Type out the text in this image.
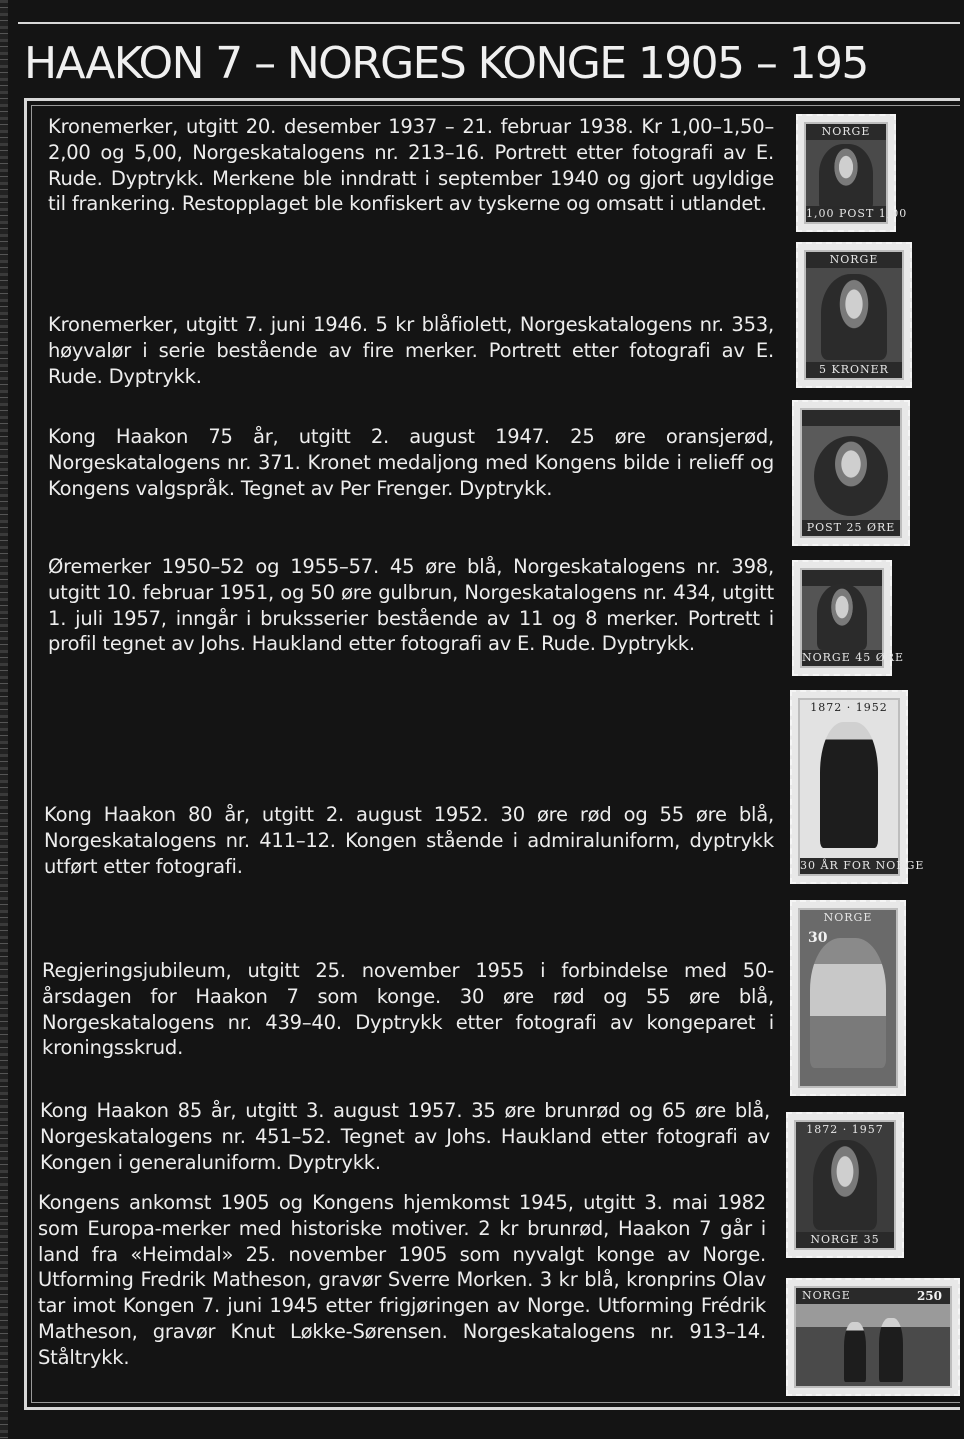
HAAKON 7 – NORGES KONGE 1905 – 195
Kronemerker, utgitt 20. desember 1937 – 21. februar 1938. Kr 1,00–1,50–2,00 og 5,00, Norgeskatalogens nr. 213–16. Portrett etter fotografi av E. Rude. Dyptrykk. Merkene ble inndratt i september 1940 og gjort ugyldige til frankering. Restopplaget ble konfiskert av tyskerne og omsatt i utlandet.
Kronemerker, utgitt 7. juni 1946. 5 kr blåfiolett, Norgeskatalogens nr. 353, høyvalør i serie bestående av fire merker. Portrett etter fotografi av E. Rude. Dyptrykk.
Kong Haakon 75 år, utgitt 2. august 1947. 25 øre oransjerød, Norgeskatalogens nr. 371. Kronet medaljong med Kongens bilde i relieff og Kongens valgspråk. Tegnet av Per Frenger. Dyptrykk.
Øremerker 1950–52 og 1955–57. 45 øre blå, Norgeskatalogens nr. 398, utgitt 10. februar 1951, og 50 øre gulbrun, Norgeskatalogens nr. 434, utgitt 1. juli 1957, inngår i bruksserier bestående av 11 og 8 merker. Portrett i profil tegnet av Johs. Haukland etter fotografi av E. Rude. Dyptrykk.
Kong Haakon 80 år, utgitt 2. august 1952. 30 øre rød og 55 øre blå, Norgeskatalogens nr. 411–12. Kongen stående i admiraluniform, dyptrykk utført etter fotografi.
Regjeringsjubileum, utgitt 25. november 1955 i forbindelse med 50-årsdagen for Haakon 7 som konge. 30 øre rød og 55 øre blå, Norgeskatalogens nr. 439–40. Dyptrykk etter fotografi av kongeparet i kroningsskrud.
Kong Haakon 85 år, utgitt 3. august 1957. 35 øre brunrød og 65 øre blå, Norgeskatalogens nr. 451–52. Tegnet av Johs. Haukland etter fotografi av Kongen i generaluniform. Dyptrykk.
Kongens ankomst 1905 og Kongens hjemkomst 1945, utgitt 3. mai 1982 som Europa-merker med historiske motiver. 2 kr brunrød, Haakon 7 går i land fra «Heimdal» 25. november 1905 som nyvalgt konge av Norge. Utforming Fredrik Matheson, gravør Sverre Morken. 3 kr blå, kronprins Olav tar imot Kongen 7. juni 1945 etter frigjøringen av Norge. Utforming Frédrik Matheson, gravør Knut Løkke-Sørensen. Norgeskatalogens nr. 913–14. Ståltrykk.
NORGE
1,00 POST 1,00
NORGE
5 KRONER
POST 25 ØRE
NORGE 45 ØRE
1872 · 1952
30 ÅR FOR NORGE
NORGE
30
1872 · 1957
NORGE 35
NORGE	250
